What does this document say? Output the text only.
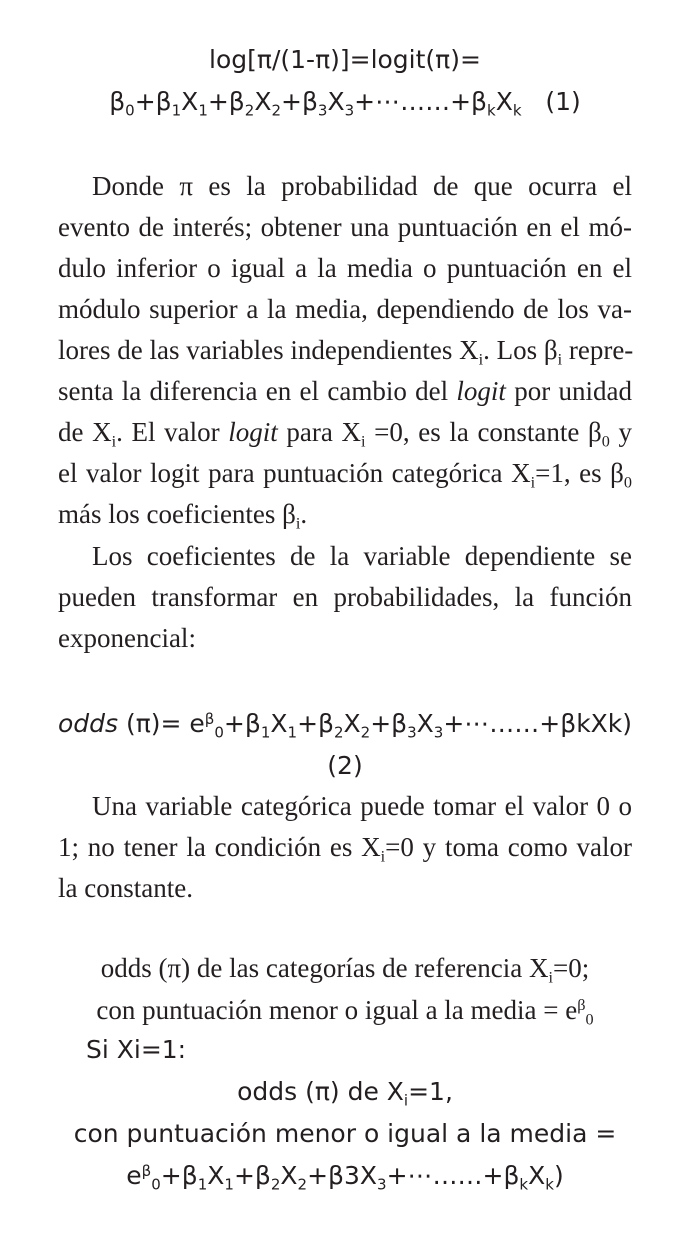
log[π/(1-π)]=logit(π)=
$\beta_0+\beta_1X_1+\beta_2X_2+\beta_3X_3+\cdots\dots\dots+\beta_kX_k$ (1)
Donde π es la probabilidad de que ocurra el
evento de interés; obtener una puntuación en el mó-
dulo inferior o igual a la media o puntuación en el
módulo superior a la media, dependiendo de los va-
lores de las variables independientes $X_i$. Los $\beta_i$ repre-
senta la diferencia en el cambio del logit por unidad
de $X_i$. El valor logit para $X_i =0$, es la constante $\beta_0$ y
el valor logit para puntuación categórica $X_i=1$, es $\beta_0$
más los coeficientes $\beta_i$.
Los coeficientes de la variable dependiente se
pueden transformar en probabilidades, la función
exponencial:
odds $(\pi)= e^\beta_0+\beta_1X_1+\beta_2X_2+\beta_3X_3+\cdots\dots\dots+\beta kXk$)
(2)
Una variable categórica puede tomar el valor 0 o
1; no tener la condición es $X_i=0$ y toma como valor
la constante.
odds (π) de las categorías de referencia $X_i=0$;
con puntuación menor o igual a la media = $e^\beta_0$
Si Xi=1:
odds (π) de $X_i=1$,
con puntuación menor o igual a la media =
$e^\beta_0+\beta_1X_1+\beta_2X_2+\beta 3X_3+\cdots\dots\dots+\beta_kX_k$)
